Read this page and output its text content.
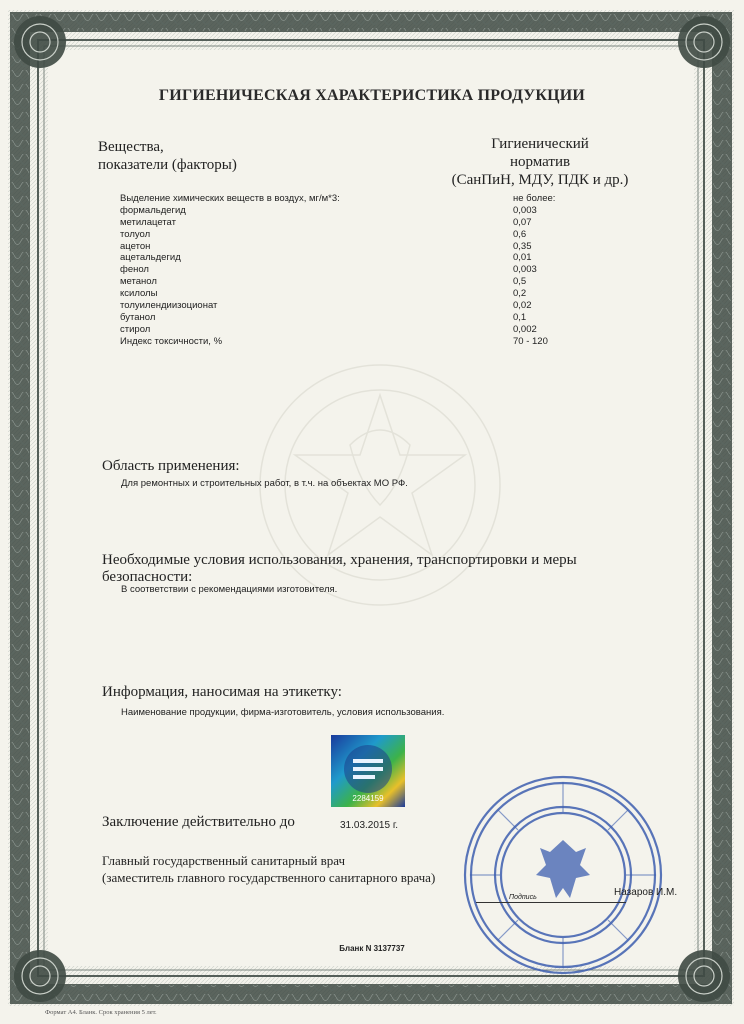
ГИГИЕНИЧЕСКАЯ ХАРАКТЕРИСТИКА ПРОДУКЦИИ
Вещества,
показатели (факторы)
Гигиенический
норматив
(СанПиН, МДУ, ПДК и др.)
Выделение химических веществ в воздух, мг/м*3:
формальдегид
метилацетат
толуол
ацетон
ацетальдегид
фенол
метанол
ксилолы
толуилендиизоционат
бутанол
стирол
Индекс токсичности, %
не более:
0,003
0,07
0,6
0,35
0,01
0,003
0,5
0,2
0,02
0,1
0,002
70 - 120
Область применения:
Для ремонтных и строительных работ, в т.ч. на объектах МО РФ.
Необходимые условия использования, хранения, транспортировки и меры безопасности:
В соответствии с рекомендациями изготовителя.
Информация, наносимая на этикетку:
Наименование продукции, фирма-изготовитель, условия использования.
2284159
Заключение действительно до	31.03.2015 г.
Главный государственный санитарный врач
(заместитель главного государственного санитарного врача)
Подпись	Назаров И.М.
Бланк N 3137737
Формат А4. Бланк. Срок хранения 5 лет.
